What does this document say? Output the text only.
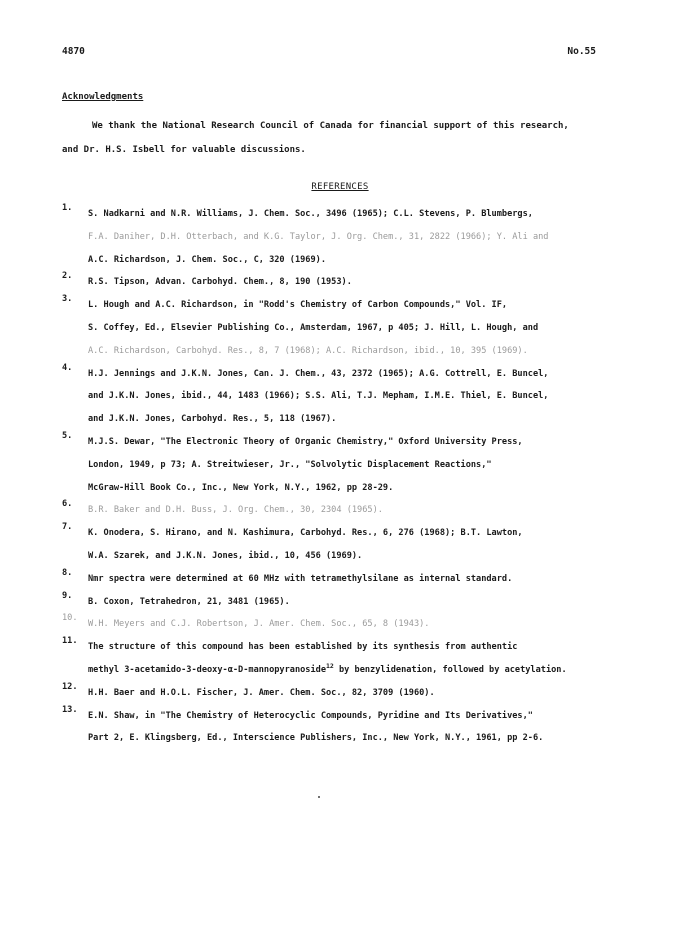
4870	No.55
Acknowledgments
We thank the National Research Council of Canada for financial support of this research,
and Dr. H.S. Isbell for valuable discussions.
REFERENCES
1.
S. Nadkarni and N.R. Williams, J. Chem. Soc., 3496 (1965); C.L. Stevens, P. Blumbergs,
F.A. Daniher, D.H. Otterbach, and K.G. Taylor, J. Org. Chem., 31, 2822 (1966); Y. Ali and
A.C. Richardson, J. Chem. Soc., C, 320 (1969).
2.
R.S. Tipson, Advan. Carbohyd. Chem., 8, 190 (1953).
3.
L. Hough and A.C. Richardson, in "Rodd's Chemistry of Carbon Compounds," Vol. IF,
S. Coffey, Ed., Elsevier Publishing Co., Amsterdam, 1967, p 405; J. Hill, L. Hough, and
A.C. Richardson, Carbohyd. Res., 8, 7 (1968); A.C. Richardson, ibid., 10, 395 (1969).
4.
H.J. Jennings and J.K.N. Jones, Can. J. Chem., 43, 2372 (1965); A.G. Cottrell, E. Buncel,
and J.K.N. Jones, ibid., 44, 1483 (1966); S.S. Ali, T.J. Mepham, I.M.E. Thiel, E. Buncel,
and J.K.N. Jones, Carbohyd. Res., 5, 118 (1967).
5.
M.J.S. Dewar, "The Electronic Theory of Organic Chemistry," Oxford University Press,
London, 1949, p 73; A. Streitwieser, Jr., "Solvolytic Displacement Reactions,"
McGraw-Hill Book Co., Inc., New York, N.Y., 1962, pp 28-29.
6.
B.R. Baker and D.H. Buss, J. Org. Chem., 30, 2304 (1965).
7.
K. Onodera, S. Hirano, and N. Kashimura, Carbohyd. Res., 6, 276 (1968); B.T. Lawton,
W.A. Szarek, and J.K.N. Jones, ibid., 10, 456 (1969).
8.
Nmr spectra were determined at 60 MHz with tetramethylsilane as internal standard.
9.
B. Coxon, Tetrahedron, 21, 3481 (1965).
10.
W.H. Meyers and C.J. Robertson, J. Amer. Chem. Soc., 65, 8 (1943).
11.
The structure of this compound has been established by its synthesis from authentic
methyl 3-acetamido-3-deoxy-α-D-mannopyranoside$^{12}$ by benzylidenation, followed by acetylation.
12.
H.H. Baer and H.O.L. Fischer, J. Amer. Chem. Soc., 82, 3709 (1960).
13.
E.N. Shaw, in "The Chemistry of Heterocyclic Compounds, Pyridine and Its Derivatives,"
Part 2, E. Klingsberg, Ed., Interscience Publishers, Inc., New York, N.Y., 1961, pp 2-6.
